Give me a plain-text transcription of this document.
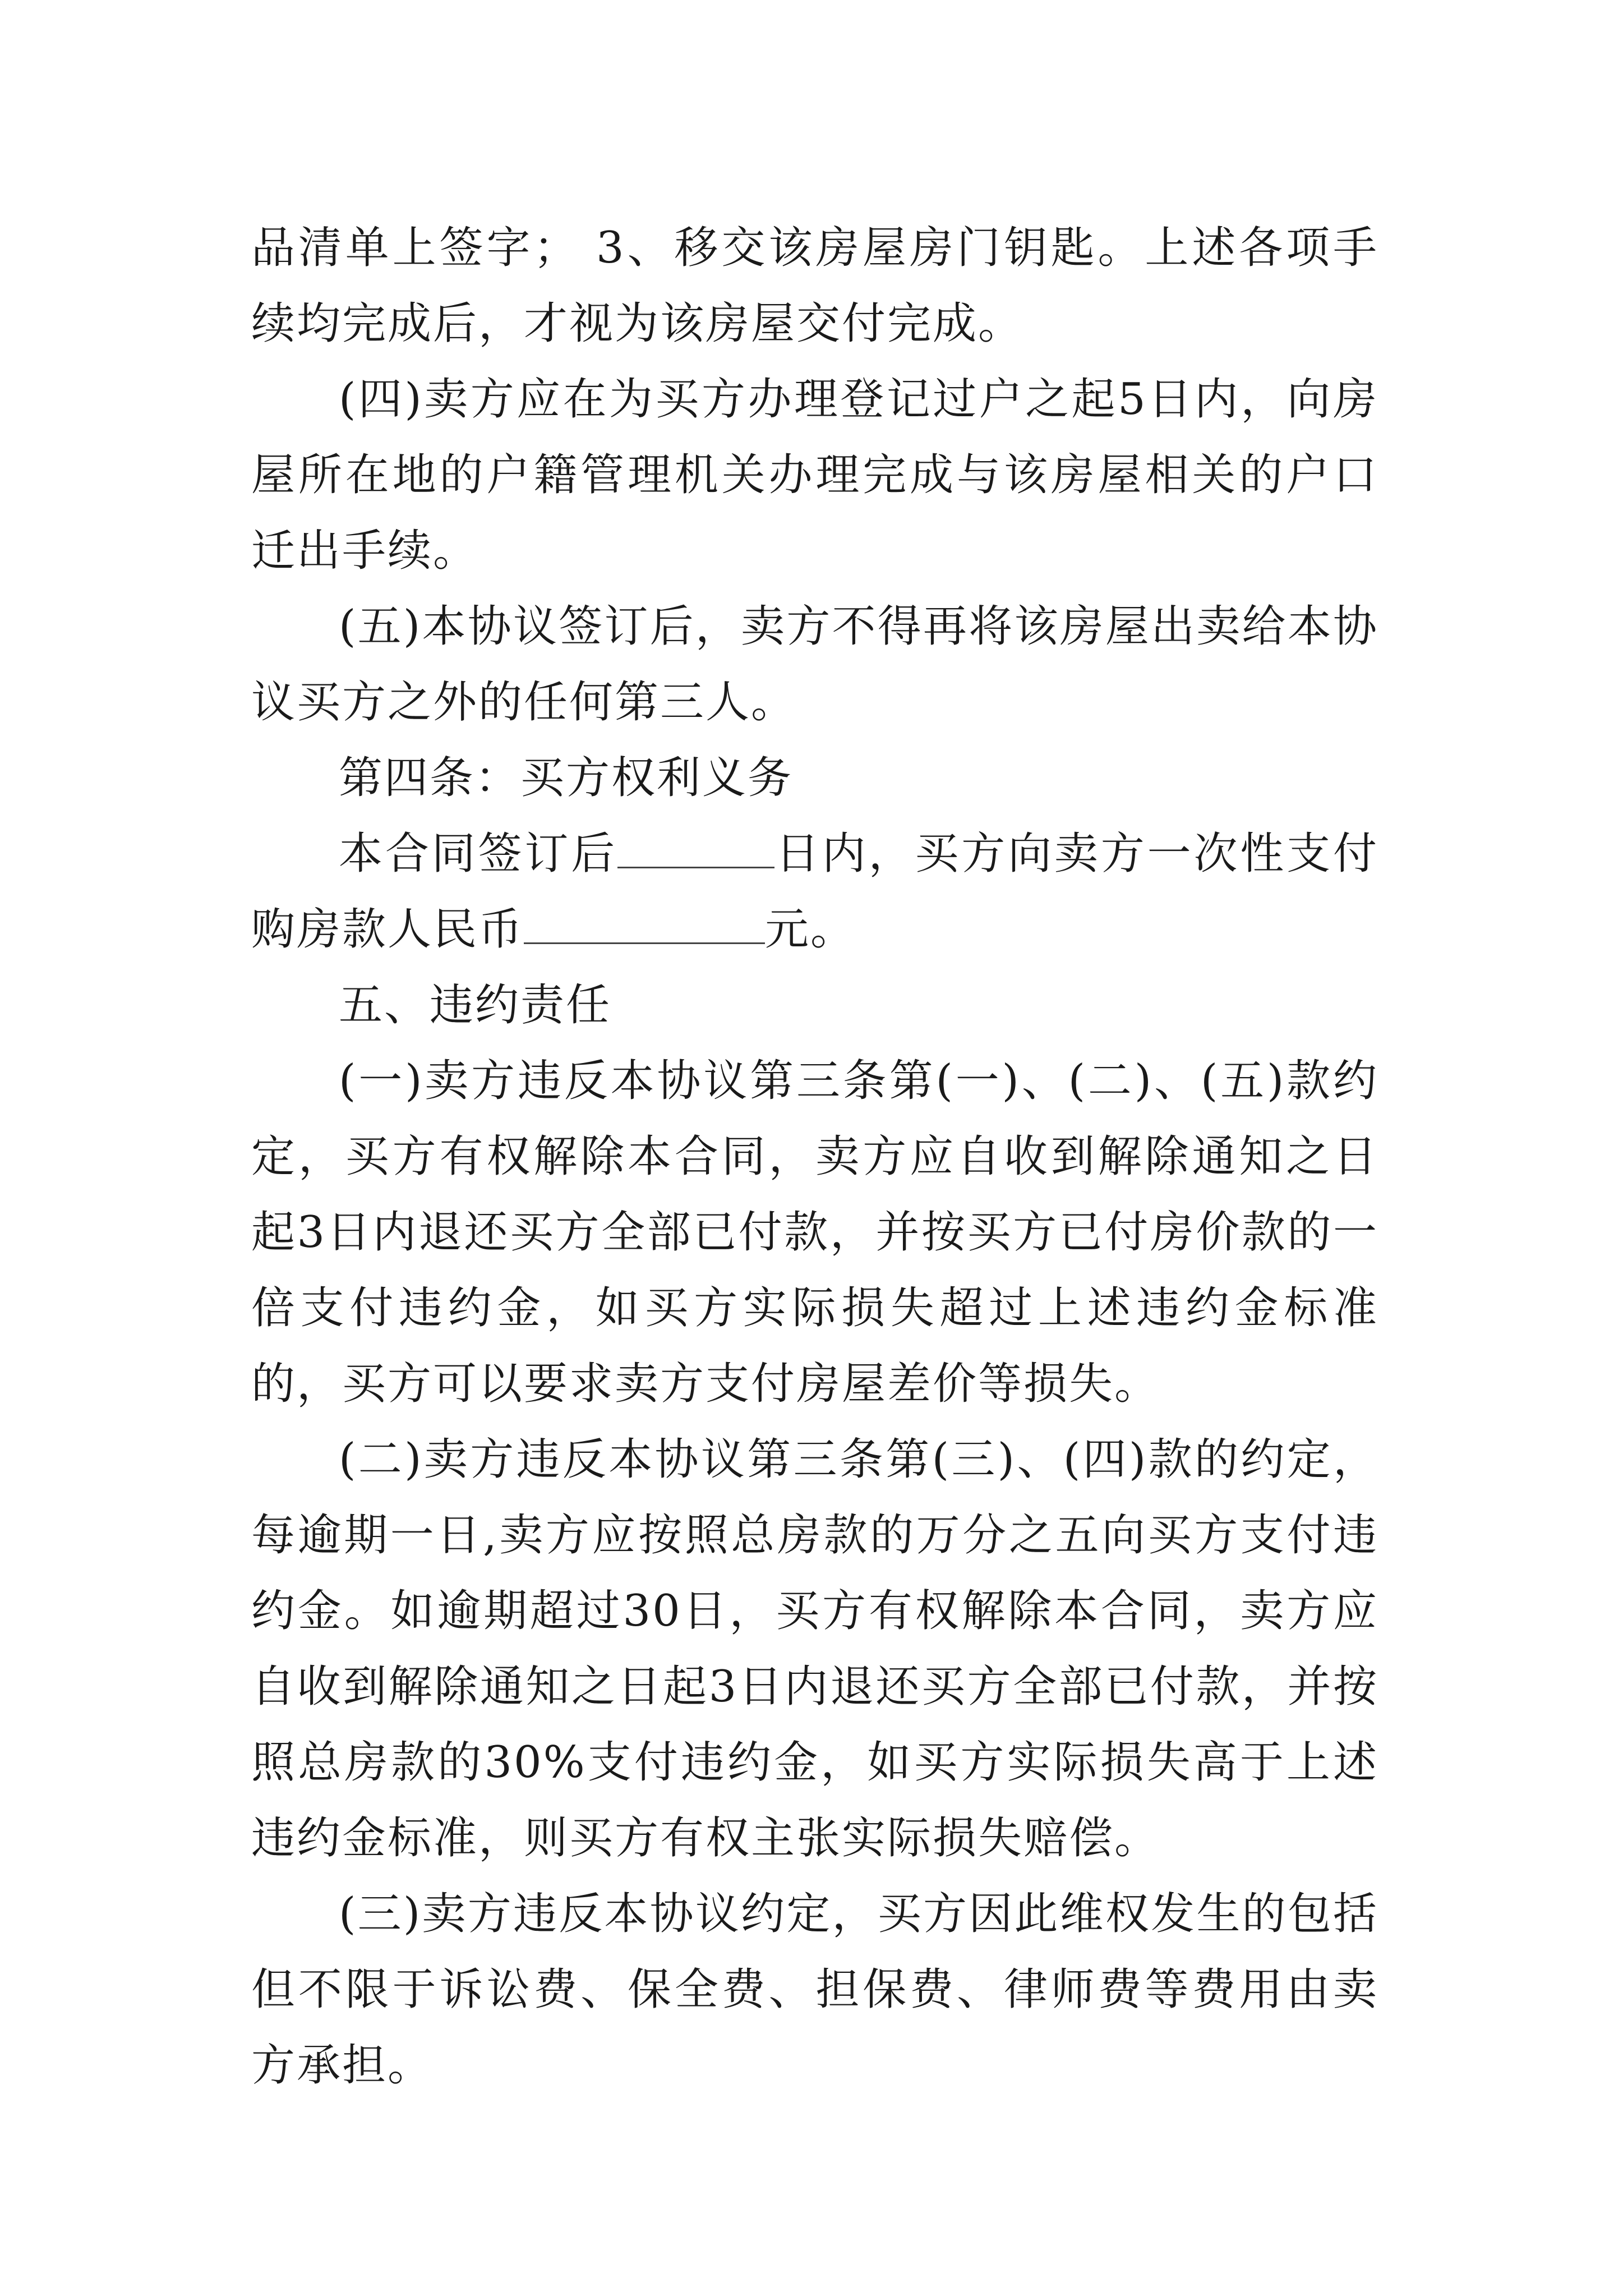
品清单上签字； 3、移交该房屋房门钥匙。上述各项手续均完成后，才视为该房屋交付完成。

(四)卖方应在为买方办理登记过户之起5日内，向房屋所在地的户籍管理机关办理完成与该房屋相关的户口迁出手续。

(五)本协议签订后，卖方不得再将该房屋出卖给本协议买方之外的任何第三人。

第四条：买方权利义务

本合同签订后	日内，买方向卖方一次性支付购房款人民币	元。

五、违约责任

(一)卖方违反本协议第三条第(一)、(二)、(五)款约定，买方有权解除本合同，卖方应自收到解除通知之日起3日内退还买方全部已付款，并按买方已付房价款的一倍支付违约金，如买方实际损失超过上述违约金标准的，买方可以要求卖方支付房屋差价等损失。

(二)卖方违反本协议第三条第(三)、(四)款的约定，每逾期一日,卖方应按照总房款的万分之五向买方支付违约金。如逾期超过30日，买方有权解除本合同，卖方应自收到解除通知之日起3日内退还买方全部已付款，并按照总房款的30%支付违约金，如买方实际损失高于上述违约金标准，则买方有权主张实际损失赔偿。

(三)卖方违反本协议约定，买方因此维权发生的包括但不限于诉讼费、保全费、担保费、律师费等费用由卖方承担。
